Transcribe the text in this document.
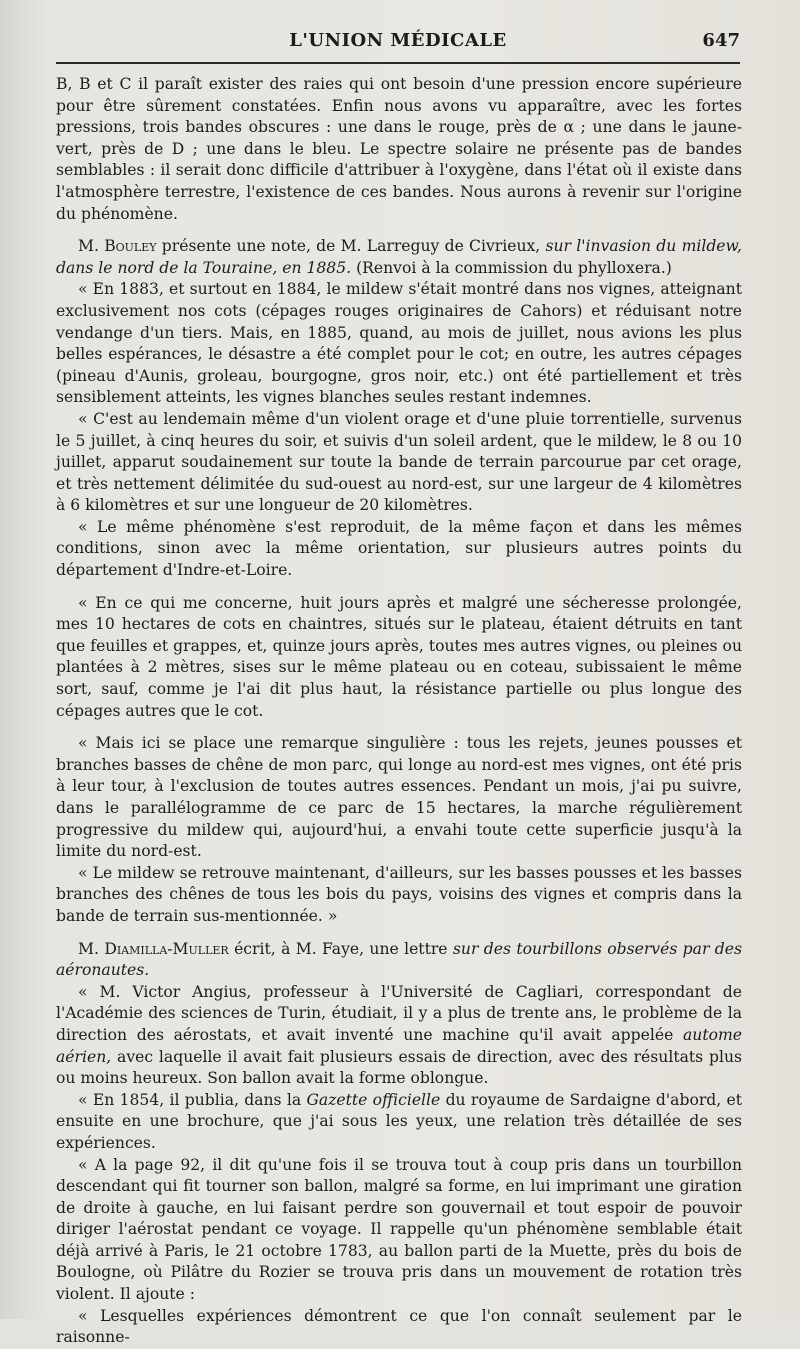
L'UNION MÉDICALE	647

B, B et C il paraît exister des raies qui ont besoin d'une pression encore supérieure pour être sûrement constatées. Enfin nous avons vu apparaître, avec les fortes pressions, trois bandes obscures : une dans le rouge, près de α ; une dans le jaune-vert, près de D ; une dans le bleu. Le spectre solaire ne présente pas de bandes semblables : il serait donc difficile d'attribuer à l'oxygène, dans l'état où il existe dans l'atmosphère terrestre, l'existence de ces bandes. Nous aurons à revenir sur l'origine du phénomène.

M. Bouley présente une note, de M. Larreguy de Civrieux, sur l'invasion du mildew, dans le nord de la Touraine, en 1885. (Renvoi à la commission du phylloxera.)

« En 1883, et surtout en 1884, le mildew s'était montré dans nos vignes, atteignant exclusivement nos cots (cépages rouges originaires de Cahors) et réduisant notre vendange d'un tiers. Mais, en 1885, quand, au mois de juillet, nous avions les plus belles espérances, le désastre a été complet pour le cot; en outre, les autres cépages (pineau d'Aunis, groleau, bourgogne, gros noir, etc.) ont été partiellement et très sensiblement atteints, les vignes blanches seules restant indemnes.

« C'est au lendemain même d'un violent orage et d'une pluie torrentielle, survenus le 5 juillet, à cinq heures du soir, et suivis d'un soleil ardent, que le mildew, le 8 ou 10 juillet, apparut soudainement sur toute la bande de terrain parcourue par cet orage, et très nettement délimitée du sud-ouest au nord-est, sur une largeur de 4 kilomètres à 6 kilomètres et sur une longueur de 20 kilomètres.

« Le même phénomène s'est reproduit, de la même façon et dans les mêmes conditions, sinon avec la même orientation, sur plusieurs autres points du département d'Indre-et-Loire.

« En ce qui me concerne, huit jours après et malgré une sécheresse prolongée, mes 10 hectares de cots en chaintres, situés sur le plateau, étaient détruits en tant que feuilles et grappes, et, quinze jours après, toutes mes autres vignes, ou pleines ou plantées à 2 mètres, sises sur le même plateau ou en coteau, subissaient le même sort, sauf, comme je l'ai dit plus haut, la résistance partielle ou plus longue des cépages autres que le cot.

« Mais ici se place une remarque singulière : tous les rejets, jeunes pousses et branches basses de chêne de mon parc, qui longe au nord-est mes vignes, ont été pris à leur tour, à l'exclusion de toutes autres essences. Pendant un mois, j'ai pu suivre, dans le parallélogramme de ce parc de 15 hectares, la marche régulièrement progressive du mildew qui, aujourd'hui, a envahi toute cette superficie jusqu'à la limite du nord-est.

« Le mildew se retrouve maintenant, d'ailleurs, sur les basses pousses et les basses branches des chênes de tous les bois du pays, voisins des vignes et compris dans la bande de terrain sus-mentionnée. »

M. Diamilla-Muller écrit, à M. Faye, une lettre sur des tourbillons observés par des aéronautes.

« M. Victor Angius, professeur à l'Université de Cagliari, correspondant de l'Académie des sciences de Turin, étudiait, il y a plus de trente ans, le problème de la direction des aérostats, et avait inventé une machine qu'il avait appelée autome aérien, avec laquelle il avait fait plusieurs essais de direction, avec des résultats plus ou moins heureux. Son ballon avait la forme oblongue.

« En 1854, il publia, dans la Gazette officielle du royaume de Sardaigne d'abord, et ensuite en une brochure, que j'ai sous les yeux, une relation très détaillée de ses expériences.

« A la page 92, il dit qu'une fois il se trouva tout à coup pris dans un tourbillon descendant qui fit tourner son ballon, malgré sa forme, en lui imprimant une giration de droite à gauche, en lui faisant perdre son gouvernail et tout espoir de pouvoir diriger l'aérostat pendant ce voyage. Il rappelle qu'un phénomène semblable était déjà arrivé à Paris, le 21 octobre 1783, au ballon parti de la Muette, près du bois de Boulogne, où Pilâtre du Rozier se trouva pris dans un mouvement de rotation très violent. Il ajoute :

« Lesquelles expériences démontrent ce que l'on connaît seulement par le raisonne-
